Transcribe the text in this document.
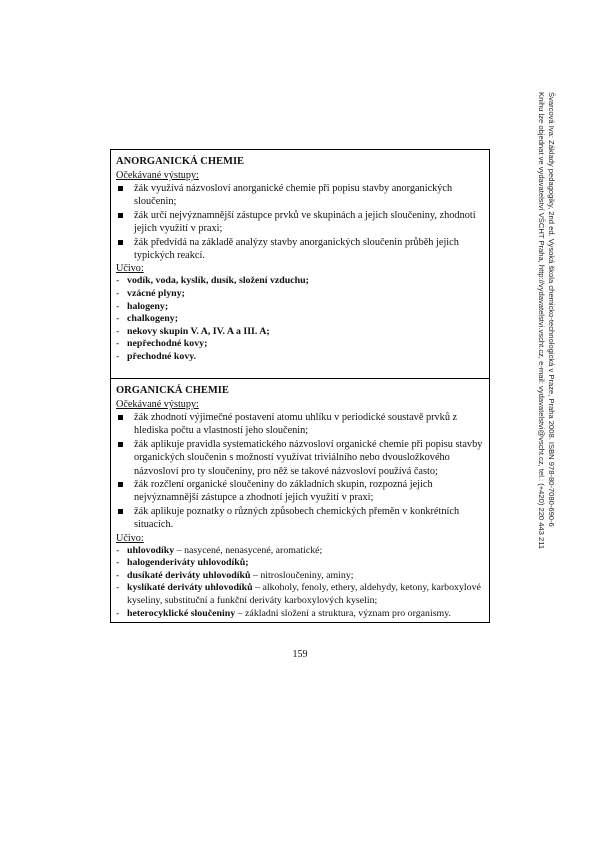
Švarcová Iva: Základy pedagogiky, 2nd ed. Vysoká škola chemicko-technologická v Praze, Praha 2008. ISBN 978-80-7080-690-6
Knihu lze objednat ve vydavatelství VŠCHT Praha, http://vydavatelstvi.vscht.cz, e-mail: vydavatelstvi@vscht.cz, tel.: (+420) 220 443 211
ANORGANICKÁ CHEMIE
Očekávané výstupy:
žák využívá názvosloví anorganické chemie při popisu stavby anorganických sloučenin;
žák určí nejvýznamnější zástupce prvků ve skupinách a jejich sloučeniny, zhodnotí jejich využití v praxi;
žák předvídá na základě analýzy stavby anorganických sloučenin průběh jejich typických reakcí.
Učivo:
- vodík, voda, kyslík, dusík, složení vzduchu;
- vzácné plyny;
- halogeny;
- chalkogeny;
- nekovy skupin V. A, IV. A a III. A;
- nepřechodné kovy;
- přechodné kovy.
ORGANICKÁ CHEMIE
Očekávané výstupy:
žák zhodnotí výjimečné postavení atomu uhlíku v periodické soustavě prvků z hlediska počtu a vlastností jeho sloučenin;
žák aplikuje pravidla systematického názvosloví organické chemie při popisu stavby organických sloučenin s možností využívat triviálního nebo dvousložkového názvosloví pro ty sloučeniny, pro něž se takové názvosloví používá často;
žák rozčlení organické sloučeniny do základních skupin, rozpozná jejich nejvýznamnější zástupce a zhodnotí jejich využití v praxi;
žák aplikuje poznatky o různých způsobech chemických přeměn v konkrétních situacích.
Učivo:
- uhlovodíky – nasycené, nenasycené, aromatické;
- halogenderiváty uhlovodíků;
- dusíkaté deriváty uhlovodíků – nitrosloučeniny, aminy;
- kyslíkaté deriváty uhlovodíků – alkoholy, fenoly, ethery, aldehydy, ketony, karboxylové kyseliny, substituční a funkční deriváty karboxylových kyselin;
- heterocyklické sloučeniny – základní složení a struktura, význam pro organismy.
159
